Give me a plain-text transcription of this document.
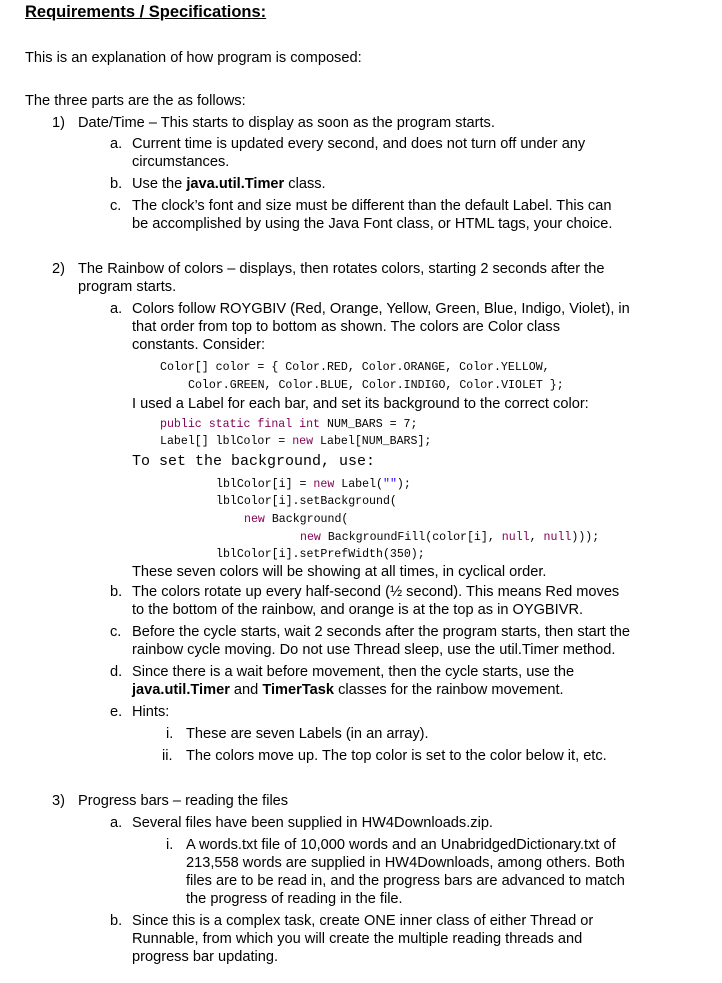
Requirements / Specifications:
This is an explanation of how program is composed:
The three parts are the as follows:
1) Date/Time – This starts to display as soon as the program starts.
a. Current time is updated every second, and does not turn off under any
circumstances.
b. Use the java.util.Timer class.
c. The clock’s font and size must be different than the default Label. This can
be accomplished by using the Java Font class, or HTML tags, your choice.
2) The Rainbow of colors – displays, then rotates colors, starting 2 seconds after the
program starts.
a. Colors follow ROYGBIV (Red, Orange, Yellow, Green, Blue, Indigo, Violet), in
that order from top to bottom as shown. The colors are Color class
constants. Consider:
Color[] color = { Color.RED, Color.ORANGE, Color.YELLOW,
Color.GREEN, Color.BLUE, Color.INDIGO, Color.VIOLET };
I used a Label for each bar, and set its background to the correct color:
public static final int NUM_BARS = 7;
Label[] lblColor = new Label[NUM_BARS];
To set the background, use:
lblColor[i] = new Label("");
lblColor[i].setBackground(
new Background(
new BackgroundFill(color[i], null, null)));
lblColor[i].setPrefWidth(350);
These seven colors will be showing at all times, in cyclical order.
b. The colors rotate up every half-second (½ second). This means Red moves
to the bottom of the rainbow, and orange is at the top as in OYGBIVR.
c. Before the cycle starts, wait 2 seconds after the program starts, then start the
rainbow cycle moving. Do not use Thread sleep, use the util.Timer method.
d. Since there is a wait before movement, then the cycle starts, use the
java.util.Timer and TimerTask classes for the rainbow movement.
e. Hints:
i. These are seven Labels (in an array).
ii. The colors move up. The top color is set to the color below it, etc.
3) Progress bars – reading the files
a. Several files have been supplied in HW4Downloads.zip.
i. A words.txt file of 10,000 words and an UnabridgedDictionary.txt of
213,558 words are supplied in HW4Downloads, among others. Both
files are to be read in, and the progress bars are advanced to match
the progress of reading in the file.
b. Since this is a complex task, create ONE inner class of either Thread or
Runnable, from which you will create the multiple reading threads and
progress bar updating.
